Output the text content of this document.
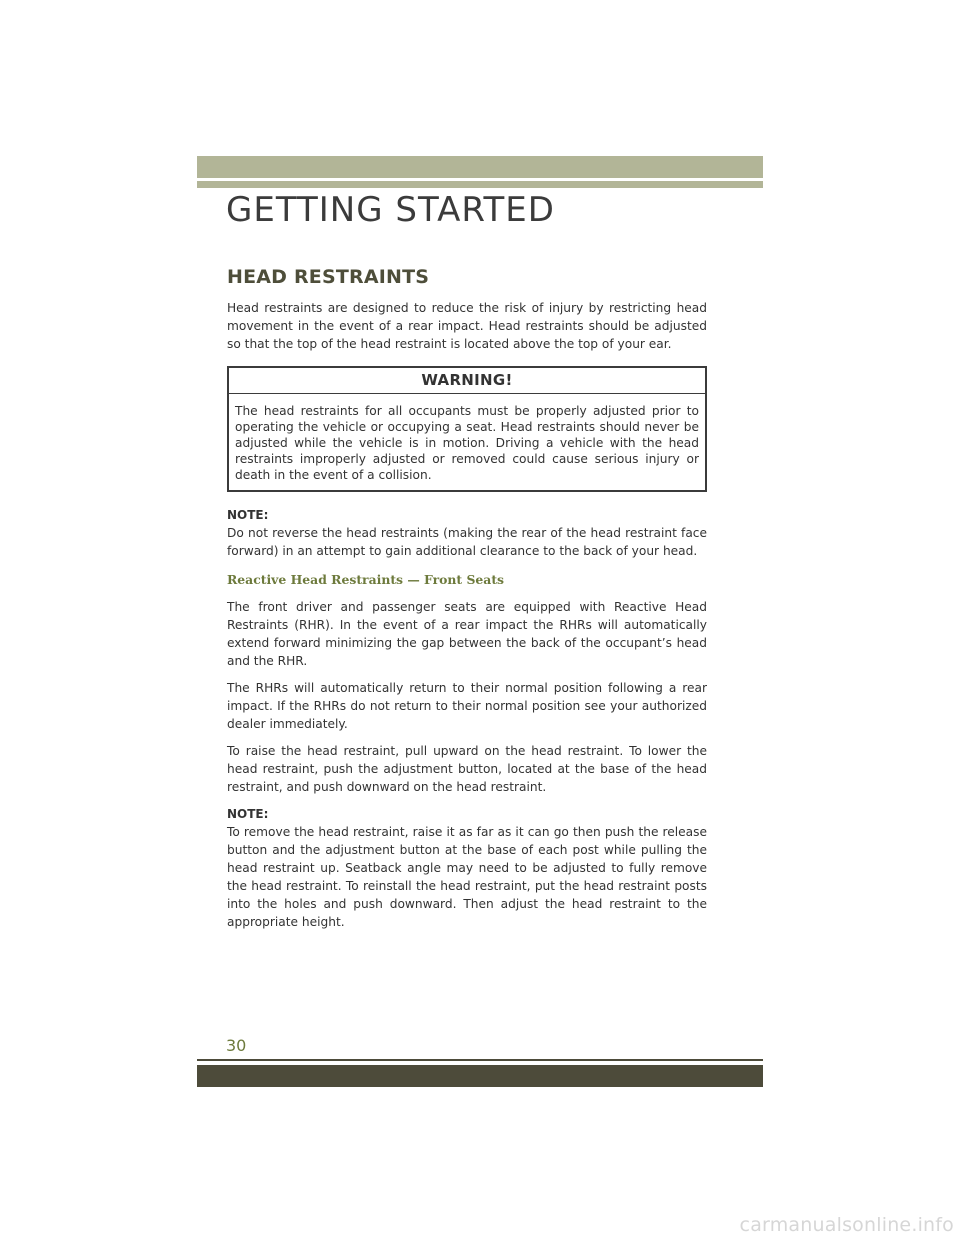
GETTING STARTED
HEAD RESTRAINTS

Head restraints are designed to reduce the risk of injury by restricting head movement in the event of a rear impact. Head restraints should be adjusted so that the top of the head restraint is located above the top of your ear.

WARNING!
The head restraints for all occupants must be properly adjusted prior to operating the vehicle or occupying a seat. Head restraints should never be adjusted while the vehicle is in motion. Driving a vehicle with the head restraints improperly adjusted or removed could cause serious injury or death in the event of a collision.
NOTE:

Do not reverse the head restraints (making the rear of the head restraint face forward) in an attempt to gain additional clearance to the back of your head.

Reactive Head Restraints — Front Seats

The front driver and passenger seats are equipped with Reactive Head Restraints (RHR). In the event of a rear impact the RHRs will automatically extend forward minimizing the gap between the back of the occupant’s head and the RHR.

The RHRs will automatically return to their normal position following a rear impact. If the RHRs do not return to their normal position see your authorized dealer immediately.

To raise the head restraint, pull upward on the head restraint. To lower the head restraint, push the adjustment button, located at the base of the head restraint, and push downward on the head restraint.

NOTE:

To remove the head restraint, raise it as far as it can go then push the release button and the adjustment button at the base of each post while pulling the head restraint up. Seatback angle may need to be adjusted to fully remove the head restraint. To reinstall the head restraint, put the head restraint posts into the holes and push downward. Then adjust the head restraint to the appropriate height.

30
carmanualsonline.info
